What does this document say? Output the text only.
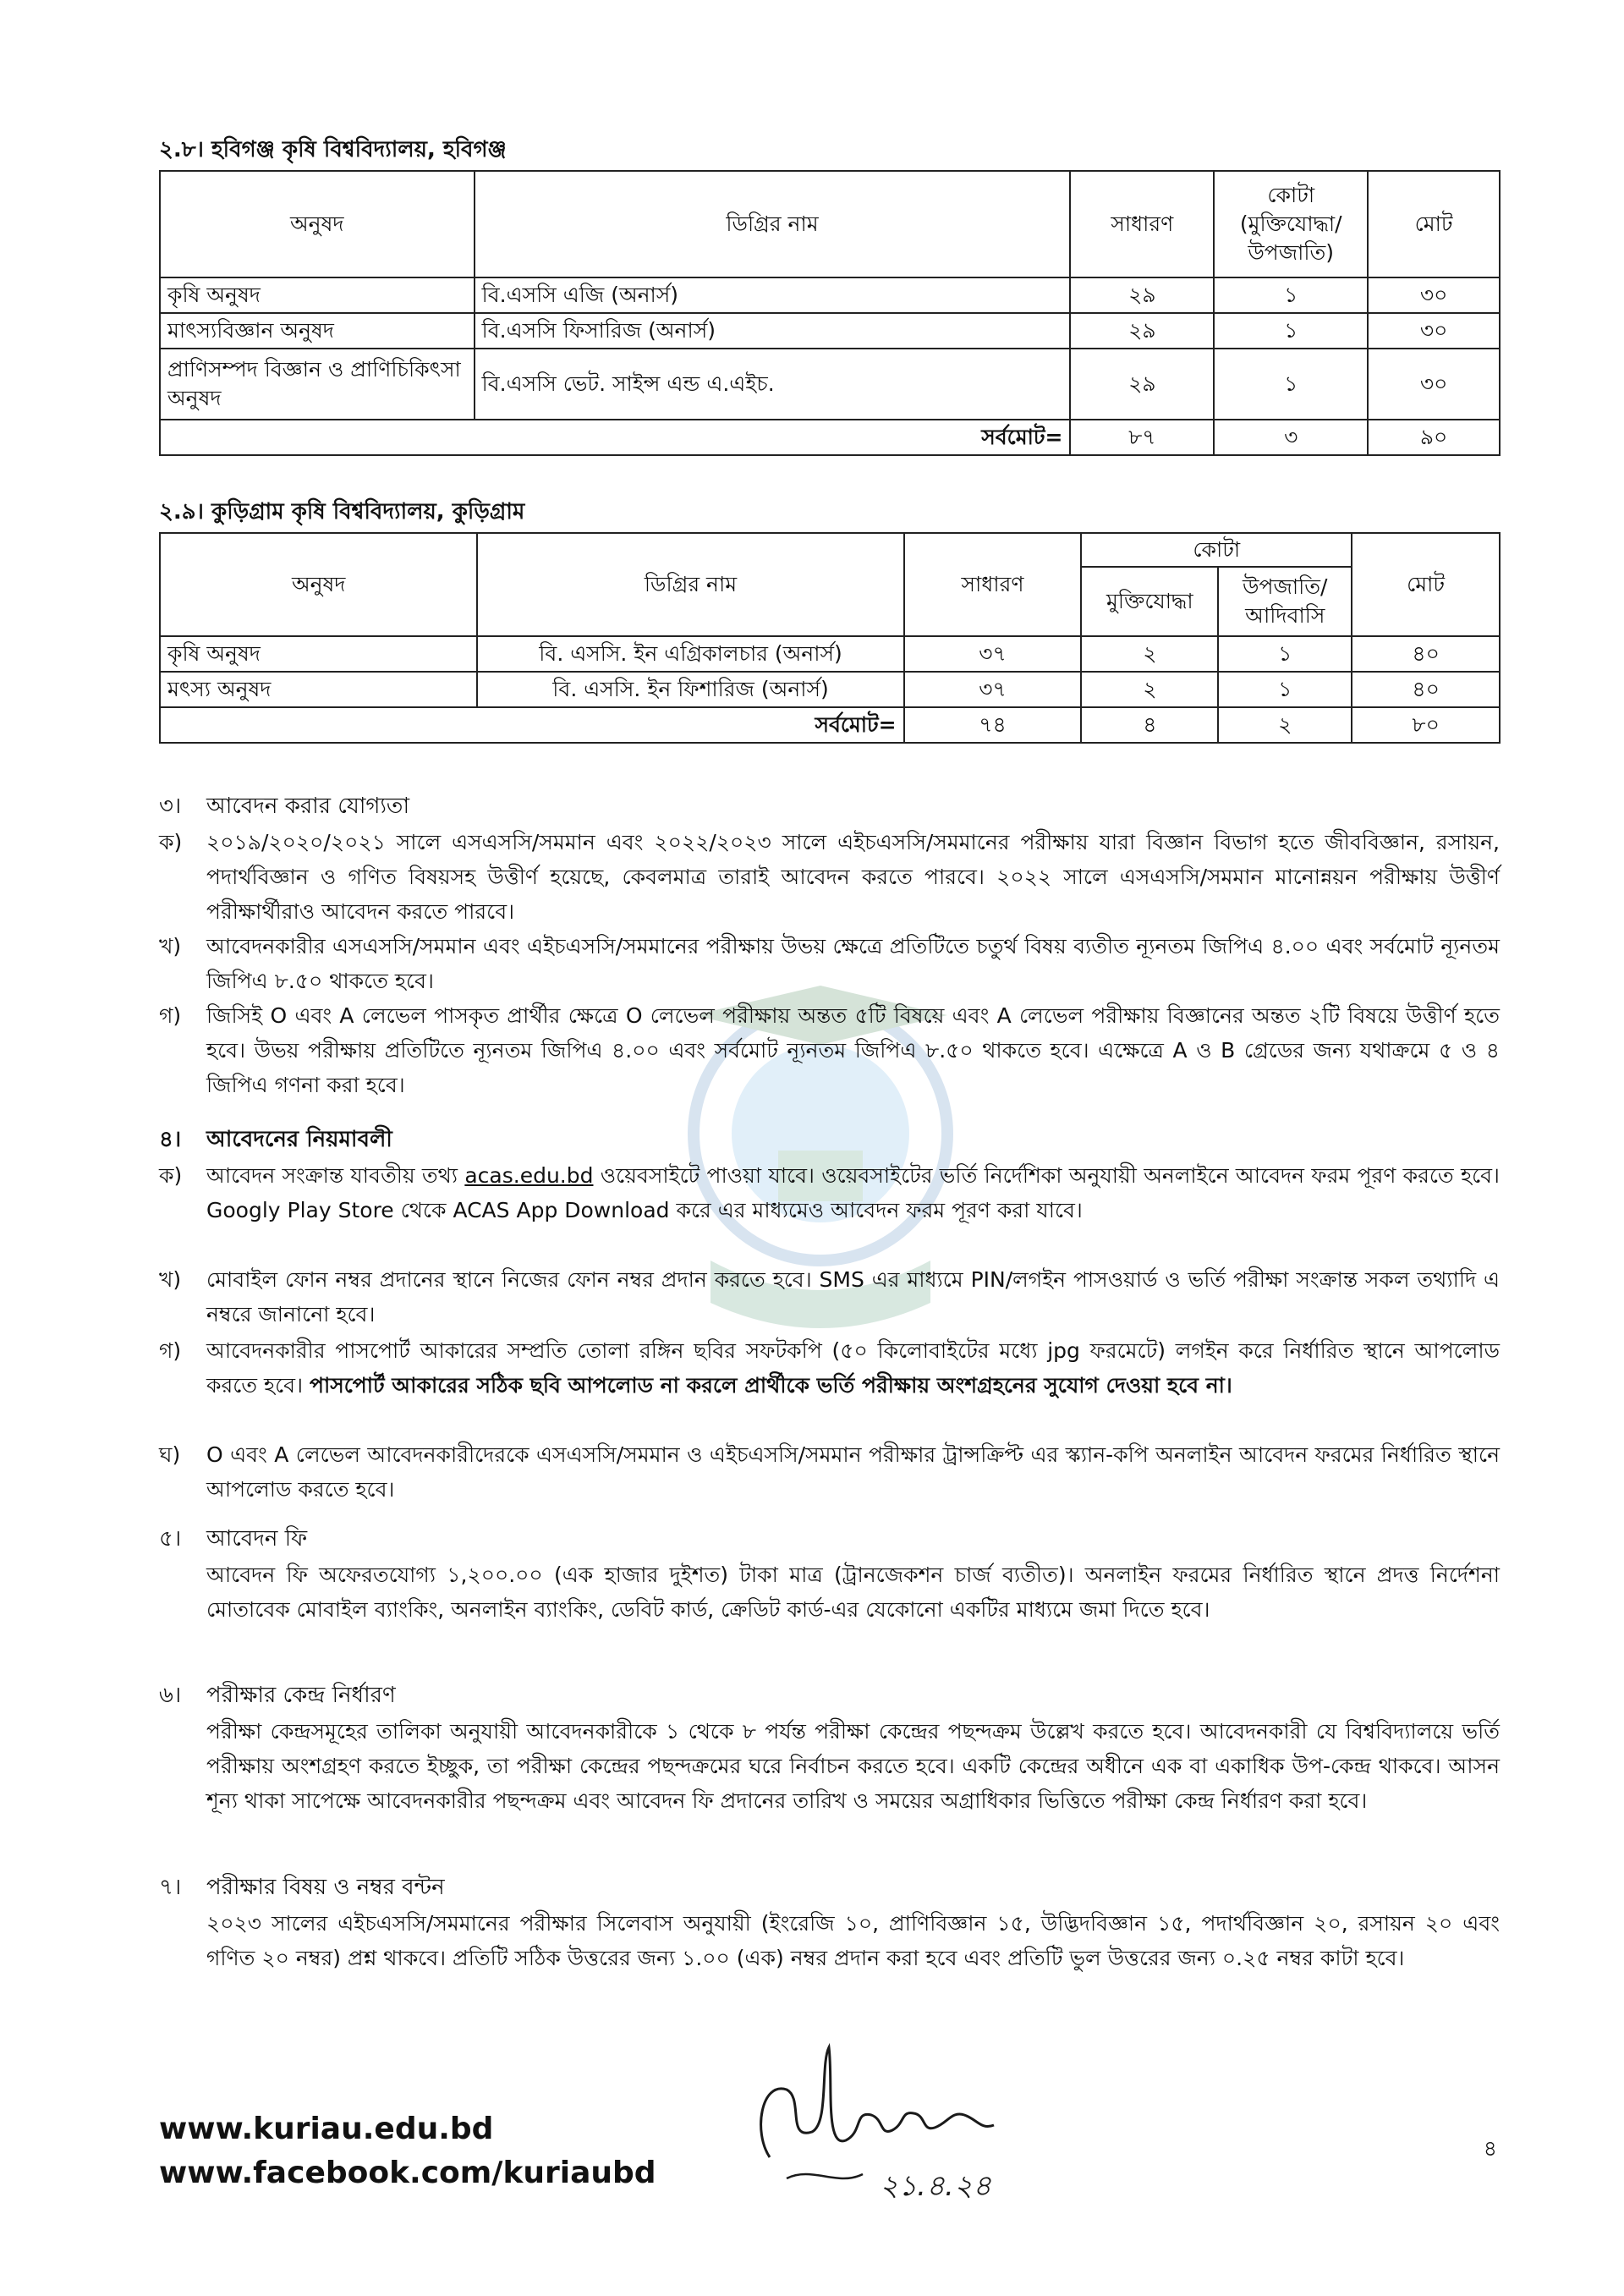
২.৮। হবিগঞ্জ কৃষি বিশ্ববিদ্যালয়, হবিগঞ্জ
অনুষদ	ডিগ্রির নাম	সাধারণ	কোটা (মুক্তিযোদ্ধা/ উপজাতি)	মোট
কৃষি অনুষদ	বি.এসসি এজি (অনার্স)	২৯	১	৩০
মাৎস্যবিজ্ঞান অনুষদ	বি.এসসি ফিসারিজ (অনার্স)	২৯	১	৩০
প্রাণিসম্পদ বিজ্ঞান ও প্রাণিচিকিৎসা অনুষদ	বি.এসসি ভেট. সাইন্স এন্ড এ.এইচ.	২৯	১	৩০
সর্বমোট=		৮৭	৩	৯০
২.৯। কুড়িগ্রাম কৃষি বিশ্ববিদ্যালয়, কুড়িগ্রাম
অনুষদ	ডিগ্রির নাম	সাধারণ	কোটা		মোট
			মুক্তিযোদ্ধা	উপজাতি/ আদিবাসি	
কৃষি অনুষদ	বি. এসসি. ইন এগ্রিকালচার (অনার্স)	৩৭	২	১	৪০
মৎস্য অনুষদ	বি. এসসি. ইন ফিশারিজ (অনার্স)	৩৭	২	১	৪০
সর্বমোট=		৭৪	৪	২	৮০
৩। আবেদন করার যোগ্যতা
ক)	২০১৯/২০২০/২০২১ সালে এসএসসি/সমমান এবং ২০২২/২০২৩ সালে এইচএসসি/সমমানের পরীক্ষায় যারা বিজ্ঞান বিভাগ হতে জীববিজ্ঞান, রসায়ন, পদার্থবিজ্ঞান ও গণিত বিষয়সহ উত্তীর্ণ হয়েছে, কেবলমাত্র তারাই আবেদন করতে পারবে। ২০২২ সালে এসএসসি/সমমান মানোন্নয়ন পরীক্ষায় উত্তীর্ণ পরীক্ষার্থীরাও আবেদন করতে পারবে।
খ)	আবেদনকারীর এসএসসি/সমমান এবং এইচএসসি/সমমানের পরীক্ষায় উভয় ক্ষেত্রে প্রতিটিতে চতুর্থ বিষয় ব্যতীত ন্যূনতম জিপিএ ৪.০০ এবং সর্বমোট ন্যূনতম জিপিএ ৮.৫০ থাকতে হবে।
গ)	জিসিই O এবং A লেভেল পাসকৃত প্রার্থীর ক্ষেত্রে O লেভেল পরীক্ষায় অন্তত ৫টি বিষয়ে এবং A লেভেল পরীক্ষায় বিজ্ঞানের অন্তত ২টি বিষয়ে উত্তীর্ণ হতে হবে। উভয় পরীক্ষায় প্রতিটিতে ন্যূনতম জিপিএ ৪.০০ এবং সর্বমোট ন্যূনতম জিপিএ ৮.৫০ থাকতে হবে। এক্ষেত্রে A ও B গ্রেডের জন্য যথাক্রমে ৫ ও ৪ জিপিএ গণনা করা হবে।
৪। আবেদনের নিয়মাবলী
ক)	আবেদন সংক্রান্ত যাবতীয় তথ্য acas.edu.bd ওয়েবসাইটে পাওয়া যাবে। ওয়েবসাইটের ভর্তি নির্দেশিকা অনুযায়ী অনলাইনে আবেদন ফরম পূরণ করতে হবে। Googly Play Store থেকে ACAS App Download করে এর মাধ্যমেও আবেদন ফরম পূরণ করা যাবে।
খ)	মোবাইল ফোন নম্বর প্রদানের স্থানে নিজের ফোন নম্বর প্রদান করতে হবে। SMS এর মাধ্যমে PIN/লগইন পাসওয়ার্ড ও ভর্তি পরীক্ষা সংক্রান্ত সকল তথ্যাদি এ নম্বরে জানানো হবে।
গ)	আবেদনকারীর পাসপোর্ট আকারের সম্প্রতি তোলা রঙ্গিন ছবির সফটকপি (৫০ কিলোবাইটের মধ্যে jpg ফরমেটে) লগইন করে নির্ধারিত স্থানে আপলোড করতে হবে। পাসপোর্ট আকারের সঠিক ছবি আপলোড না করলে প্রার্থীকে ভর্তি পরীক্ষায় অংশগ্রহনের সুযোগ দেওয়া হবে না।
ঘ)	O এবং A লেভেল আবেদনকারীদেরকে এসএসসি/সমমান ও এইচএসসি/সমমান পরীক্ষার ট্রান্সক্রিপ্ট এর স্ক্যান-কপি অনলাইন আবেদন ফরমের নির্ধারিত স্থানে আপলোড করতে হবে।
৫। আবেদন ফি
আবেদন ফি অফেরতযোগ্য ১,২০০.০০ (এক হাজার দুইশত) টাকা মাত্র (ট্রানজেকশন চার্জ ব্যতীত)। অনলাইন ফরমের নির্ধারিত স্থানে প্রদত্ত নির্দেশনা মোতাবেক মোবাইল ব্যাংকিং, অনলাইন ব্যাংকিং, ডেবিট কার্ড, ক্রেডিট কার্ড-এর যেকোনো একটির মাধ্যমে জমা দিতে হবে।
৬। পরীক্ষার কেন্দ্র নির্ধারণ
পরীক্ষা কেন্দ্রসমূহের তালিকা অনুযায়ী আবেদনকারীকে ১ থেকে ৮ পর্যন্ত পরীক্ষা কেন্দ্রের পছন্দক্রম উল্লেখ করতে হবে। আবেদনকারী যে বিশ্ববিদ্যালয়ে ভর্তি পরীক্ষায় অংশগ্রহণ করতে ইচ্ছুক, তা পরীক্ষা কেন্দ্রের পছন্দক্রমের ঘরে নির্বাচন করতে হবে। একটি কেন্দ্রের অধীনে এক বা একাধিক উপ-কেন্দ্র থাকবে। আসন শূন্য থাকা সাপেক্ষে আবেদনকারীর পছন্দক্রম এবং আবেদন ফি প্রদানের তারিখ ও সময়ের অগ্রাধিকার ভিত্তিতে পরীক্ষা কেন্দ্র নির্ধারণ করা হবে।
৭। পরীক্ষার বিষয় ও নম্বর বন্টন
২০২৩ সালের এইচএসসি/সমমানের পরীক্ষার সিলেবাস অনুযায়ী (ইংরেজি ১০, প্রাণিবিজ্ঞান ১৫, উদ্ভিদবিজ্ঞান ১৫, পদার্থবিজ্ঞান ২০, রসায়ন ২০ এবং গণিত ২০ নম্বর) প্রশ্ন থাকবে। প্রতিটি সঠিক উত্তরের জন্য ১.০০ (এক) নম্বর প্রদান করা হবে এবং প্রতিটি ভুল উত্তরের জন্য ০.২৫ নম্বর কাটা হবে।
২১.৪.২৪
www.kuriau.edu.bd
www.facebook.com/kuriaubd
৪
